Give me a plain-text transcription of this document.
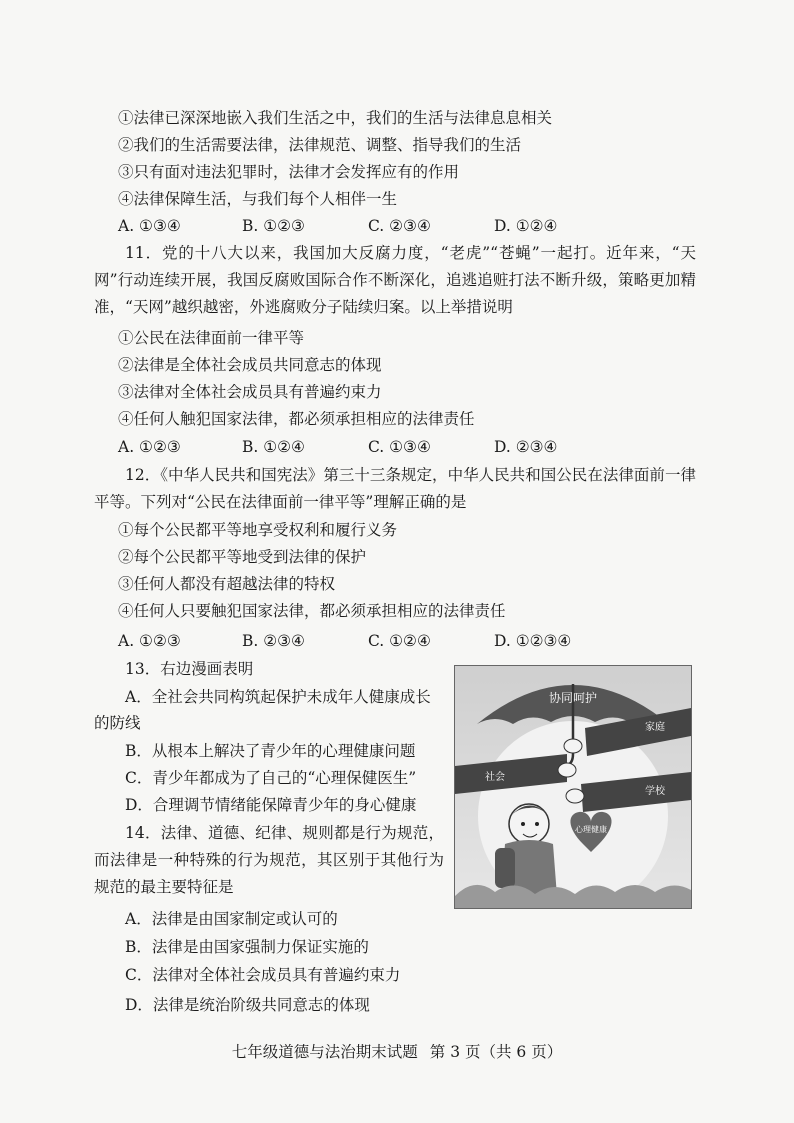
①法律已深深地嵌入我们生活之中，我们的生活与法律息息相关
②我们的生活需要法律，法律规范、调整、指导我们的生活
③只有面对违法犯罪时，法律才会发挥应有的作用
④法律保障生活，与我们每个人相伴一生
A. ①③④	B. ①②③	C. ②③④	D. ①②④
11．党的十八大以来，我国加大反腐力度，“老虎”“苍蝇”一起打。近年来，“天网”行动连续开展，我国反腐败国际合作不断深化，追逃追赃打法不断升级，策略更加精准，“天网”越织越密，外逃腐败分子陆续归案。以上举措说明
①公民在法律面前一律平等
②法律是全体社会成员共同意志的体现
③法律对全体社会成员具有普遍约束力
④任何人触犯国家法律，都必须承担相应的法律责任
A. ①②③	B. ①②④	C. ①③④	D. ②③④
12．《中华人民共和国宪法》第三十三条规定，中华人民共和国公民在法律面前一律平等。下列对“公民在法律面前一律平等”理解正确的是
①每个公民都平等地享受权利和履行义务
②每个公民都平等地受到法律的保护
③任何人都没有超越法律的特权
④任何人只要触犯国家法律，都必须承担相应的法律责任
A. ①②③	B. ②③④	C. ①②④	D. ①②③④
13．右边漫画表明
A．全社会共同构筑起保护未成年人健康成长
的防线
B．从根本上解决了青少年的心理健康问题
C．青少年都成为了自己的“心理保健医生”
D．合理调节情绪能保障青少年的身心健康
14．法律、道德、纪律、规则都是行为规范，而法律是一种特殊的行为规范，其区别于其他行为规范的最主要特征是
A．法律是由国家制定或认可的
B．法律是由国家强制力保证实施的
C．法律对全体社会成员具有普遍约束力
D．法律是统治阶级共同意志的体现
协同呵护
家庭
社会
学校
心理健康
七年级道德与法治期末试题 第 3 页（共 6 页）
